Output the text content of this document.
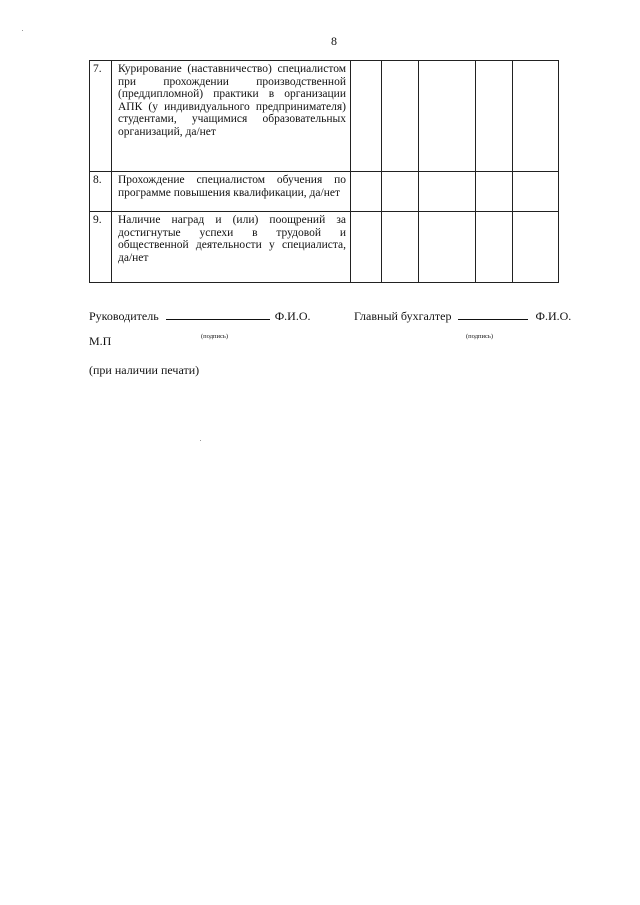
8
7.	Курирование (наставничество) специалистом при прохождении производственной (преддипломной) практики в организации АПК (у индивидуального предпринимателя) студентами, учащимися образовательных организаций, да/нет					
8.	Прохождение специалистом обучения по программе повышения квалификации, да/нет					
9.	Наличие наград и (или) поощрений за достигнутые успехи в трудовой и общественной деятельности у специалиста, да/нет					
Руководитель	Ф.И.О.	Главный бухгалтер	Ф.И.О.
(подпись)	(подпись)
М.П
(при наличии печати)
